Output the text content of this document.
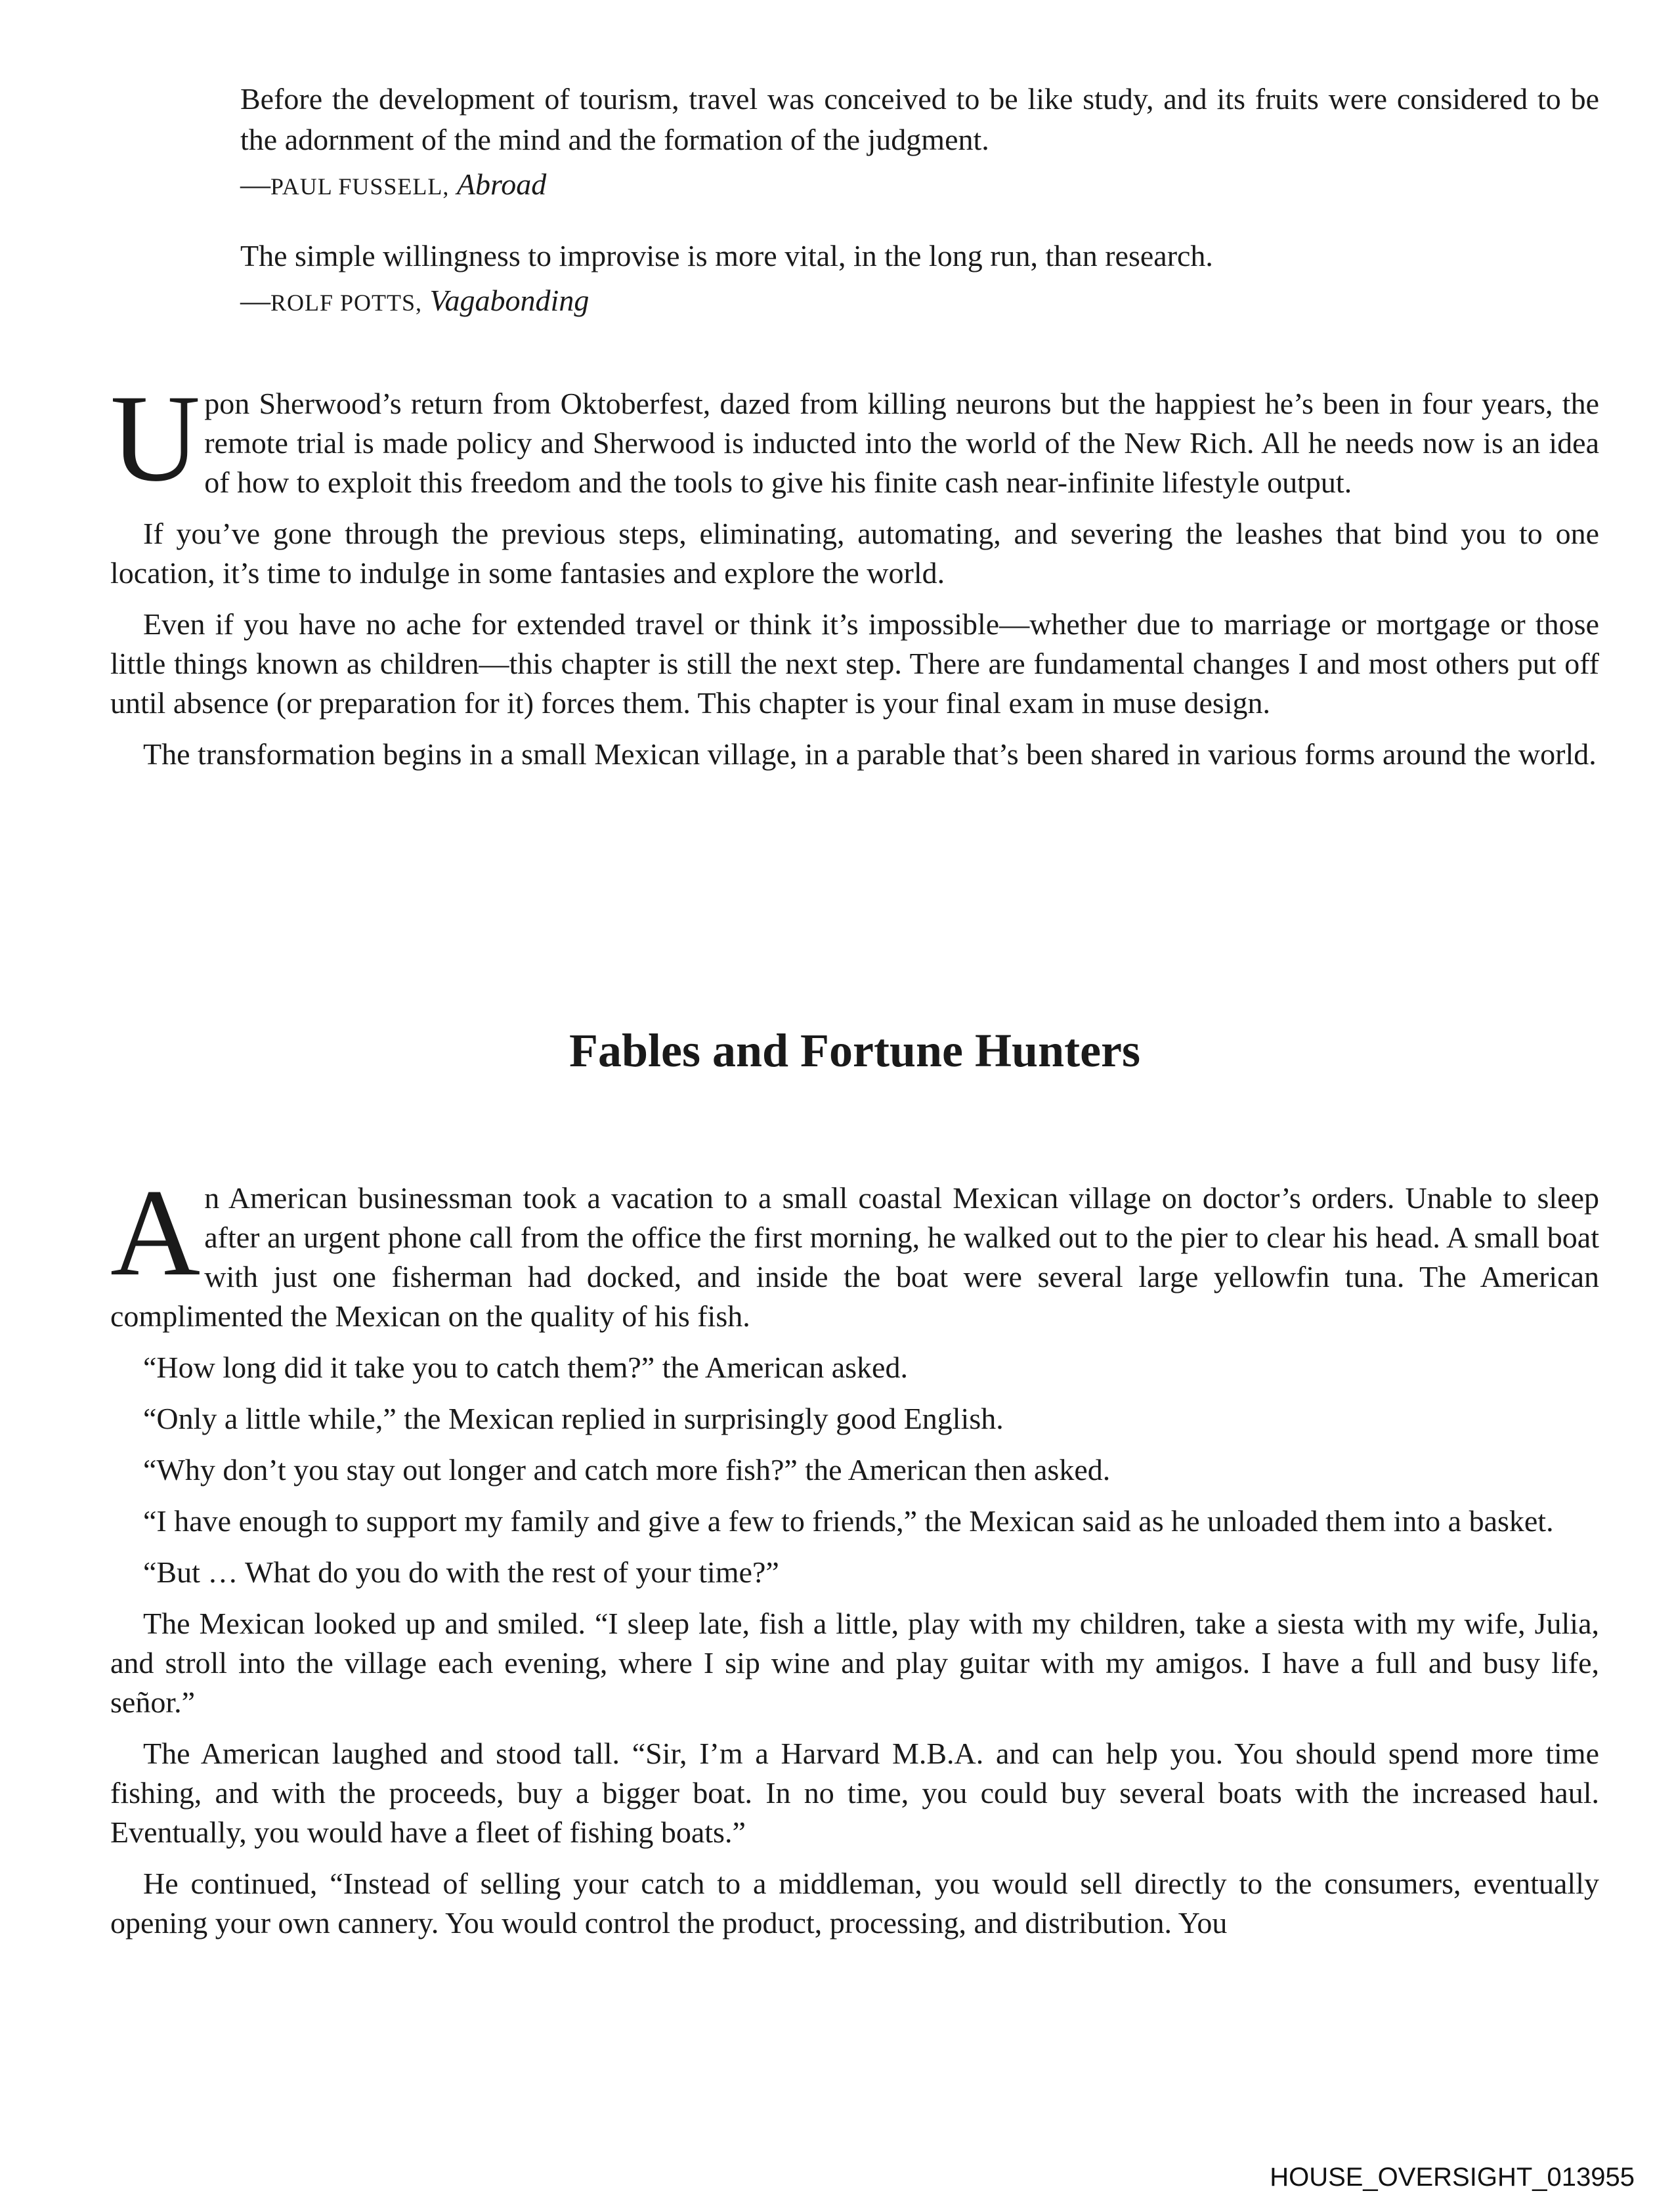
Before the development of tourism, travel was conceived to be like study, and its fruits were considered to be the adornment of the mind and the formation of the judgment.

—PAUL FUSSELL, Abroad

The simple willingness to improvise is more vital, in the long run, than research.

—ROLF POTTS, Vagabonding

Upon Sherwood’s return from Oktoberfest, dazed from killing neurons but the happiest he’s been in four years, the remote trial is made policy and Sherwood is inducted into the world of the New Rich. All he needs now is an idea of how to exploit this freedom and the tools to give his finite cash near-infinite lifestyle output.

If you’ve gone through the previous steps, eliminating, automating, and severing the leashes that bind you to one location, it’s time to indulge in some fantasies and explore the world.

Even if you have no ache for extended travel or think it’s impossible—whether due to marriage or mortgage or those little things known as children—this chapter is still the next step. There are fundamental changes I and most others put off until absence (or preparation for it) forces them. This chapter is your final exam in muse design.

The transformation begins in a small Mexican village, in a parable that’s been shared in various forms around the world.

Fables and Fortune Hunters

An American businessman took a vacation to a small coastal Mexican village on doctor’s orders. Unable to sleep after an urgent phone call from the office the first morning, he walked out to the pier to clear his head. A small boat with just one fisherman had docked, and inside the boat were several large yellowfin tuna. The American complimented the Mexican on the quality of his fish.

“How long did it take you to catch them?” the American asked.

“Only a little while,” the Mexican replied in surprisingly good English.

“Why don’t you stay out longer and catch more fish?” the American then asked.

“I have enough to support my family and give a few to friends,” the Mexican said as he unloaded them into a basket.

“But … What do you do with the rest of your time?”

The Mexican looked up and smiled. “I sleep late, fish a little, play with my children, take a siesta with my wife, Julia, and stroll into the village each evening, where I sip wine and play guitar with my amigos. I have a full and busy life, señor.”

The American laughed and stood tall. “Sir, I’m a Harvard M.B.A. and can help you. You should spend more time fishing, and with the proceeds, buy a bigger boat. In no time, you could buy several boats with the increased haul. Eventually, you would have a fleet of fishing boats.”

He continued, “Instead of selling your catch to a middleman, you would sell directly to the consumers, eventually opening your own cannery. You would control the product, processing, and distribution. You

HOUSE_OVERSIGHT_013955
